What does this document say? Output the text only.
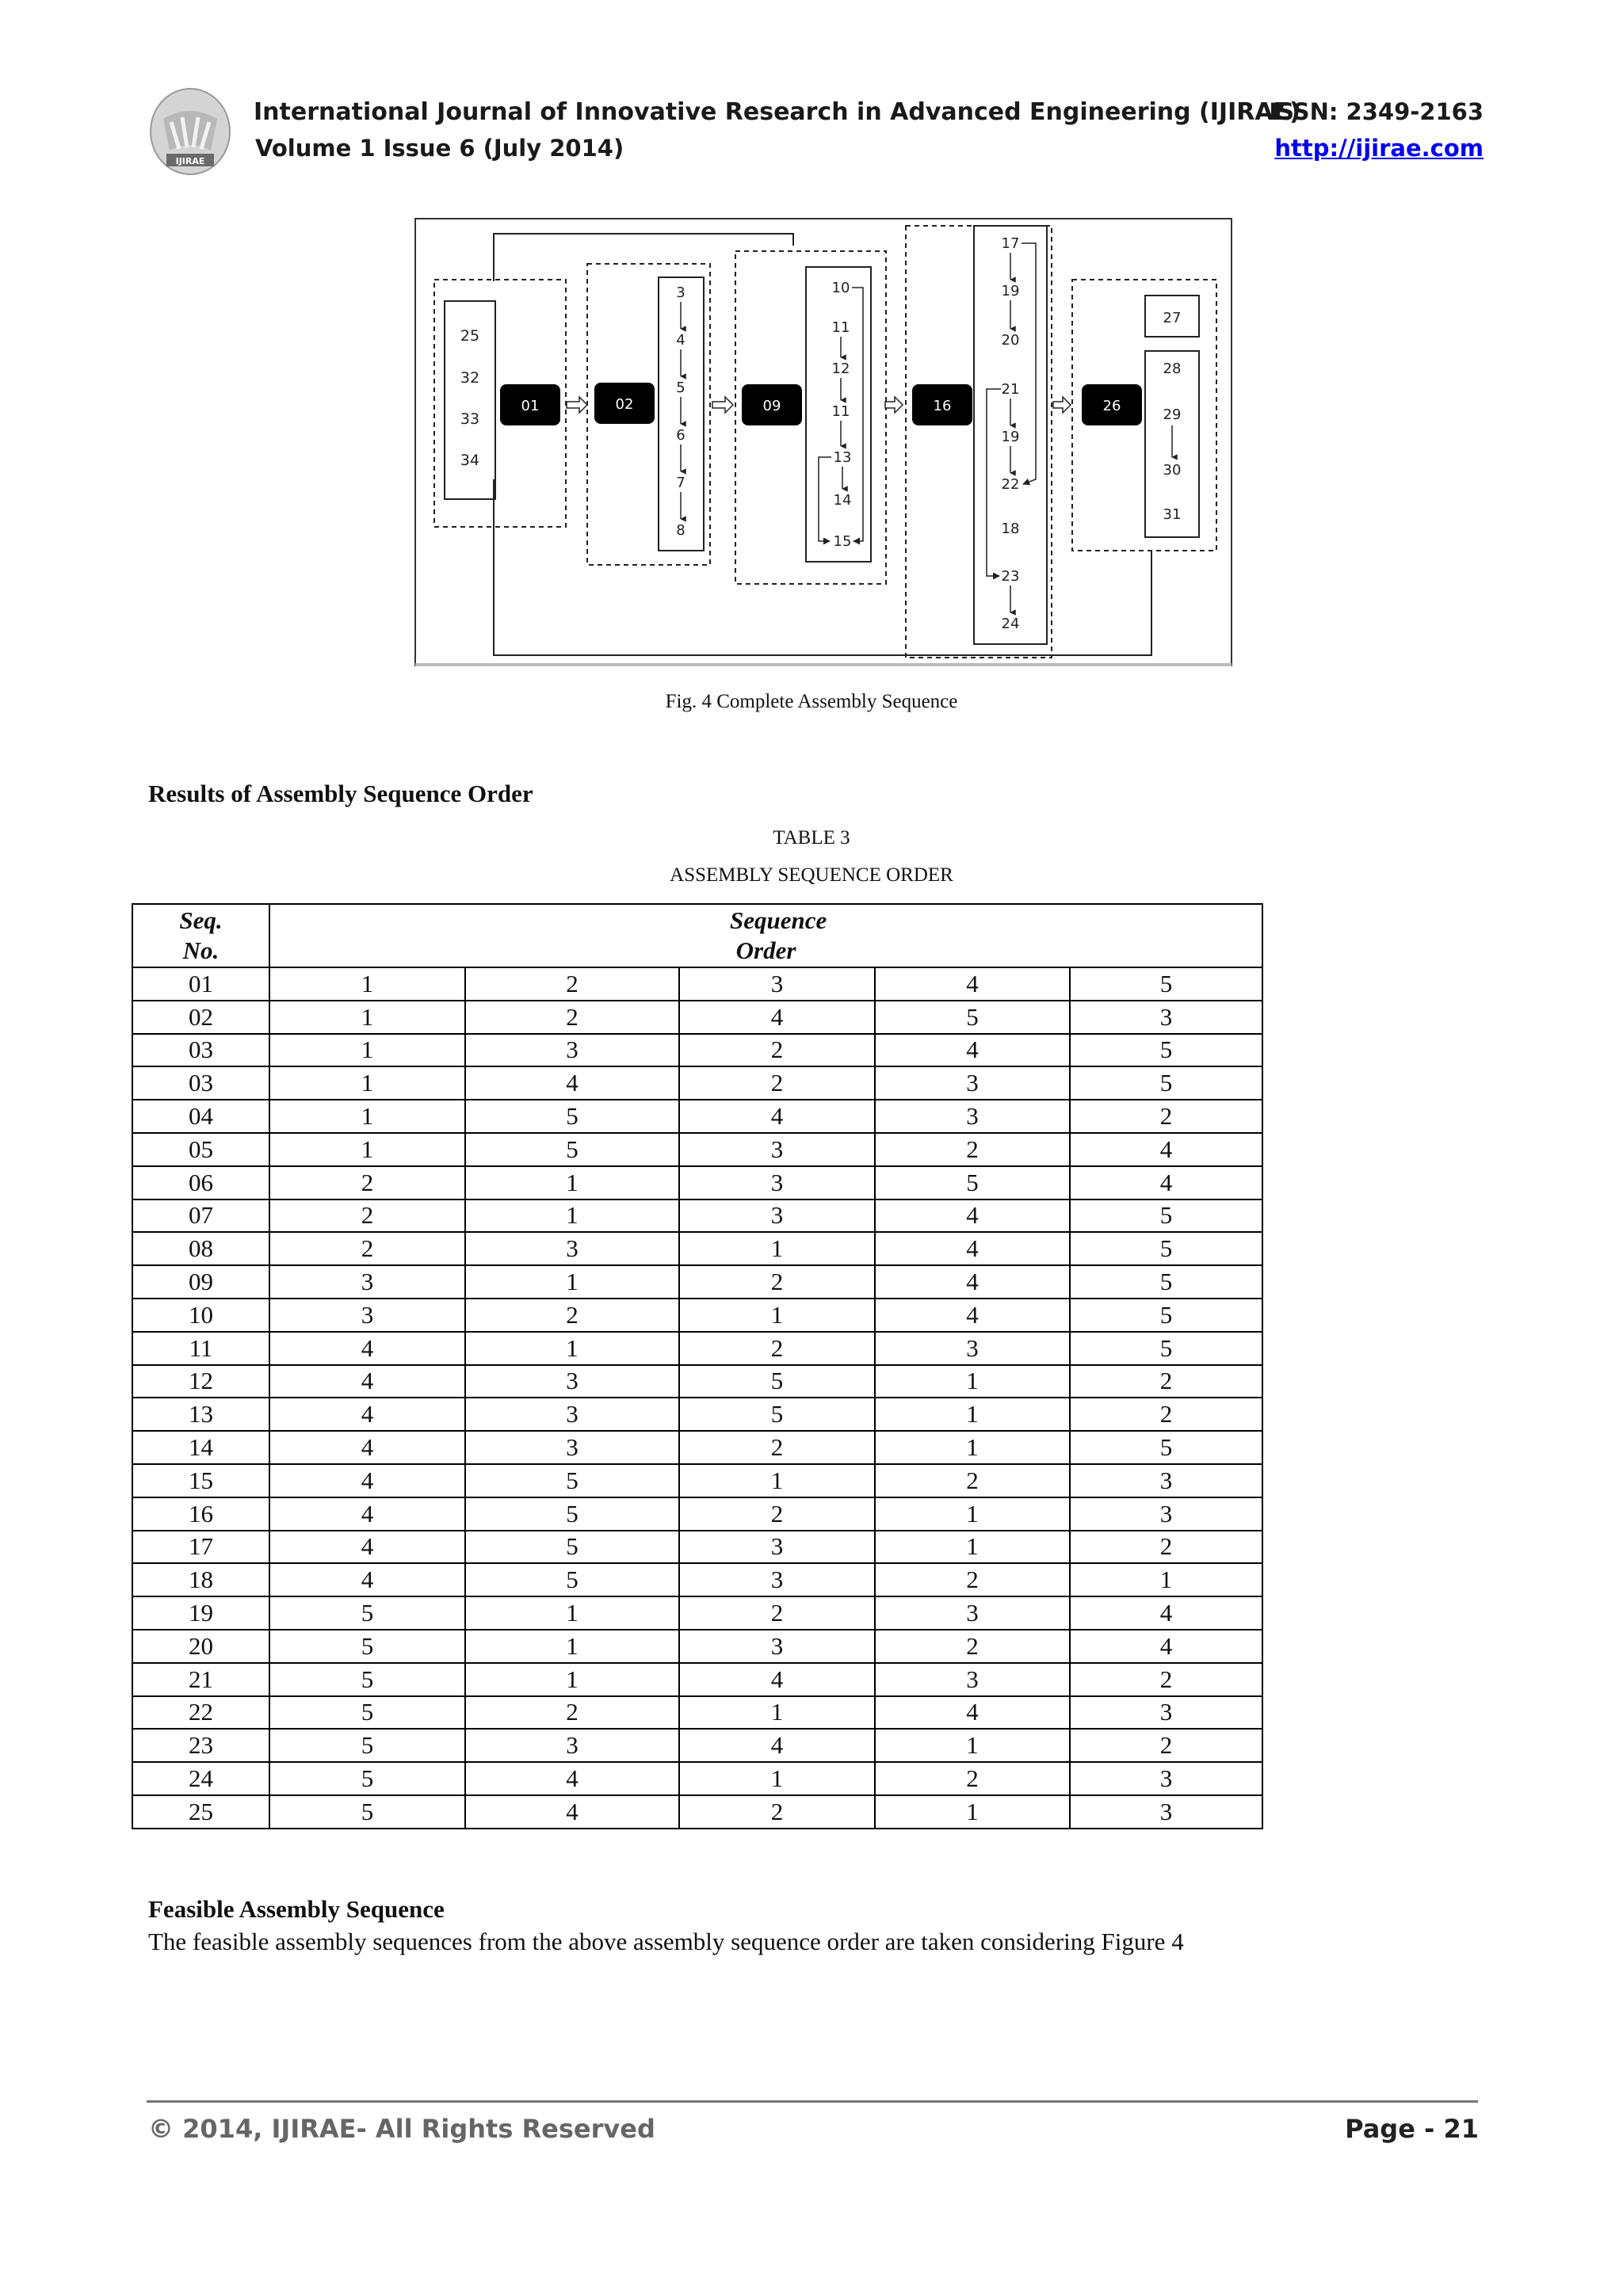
IJIRAE
International Journal of Innovative Research in Advanced Engineering (IJIRAE)
Volume 1 Issue 6 (July 2014)
ISSN: 2349-2163
http://ijirae.com
01	02	09	16	26
25
32
33
34
3
4
5
6
7
8
10
11
12
11
13
14
15
17
19
20
21
19
22
18
23
24
27
28
29
30
31
Fig. 4 Complete Assembly Sequence
Results of Assembly Sequence Order
TABLE 3
ASSEMBLY SEQUENCE ORDER
Seq. No.	Sequence Order				
01	1	2	3	4	5
02	1	2	4	5	3
03	1	3	2	4	5
03	1	4	2	3	5
04	1	5	4	3	2
05	1	5	3	2	4
06	2	1	3	5	4
07	2	1	3	4	5
08	2	3	1	4	5
09	3	1	2	4	5
10	3	2	1	4	5
11	4	1	2	3	5
12	4	3	5	1	2
13	4	3	5	1	2
14	4	3	2	1	5
15	4	5	1	2	3
16	4	5	2	1	3
17	4	5	3	1	2
18	4	5	3	2	1
19	5	1	2	3	4
20	5	1	3	2	4
21	5	1	4	3	2
22	5	2	1	4	3
23	5	3	4	1	2
24	5	4	1	2	3
25	5	4	2	1	3
Feasible Assembly Sequence
The feasible assembly sequences from the above assembly sequence order are taken considering Figure 4
© 2014, IJIRAE- All Rights Reserved	Page - 21
